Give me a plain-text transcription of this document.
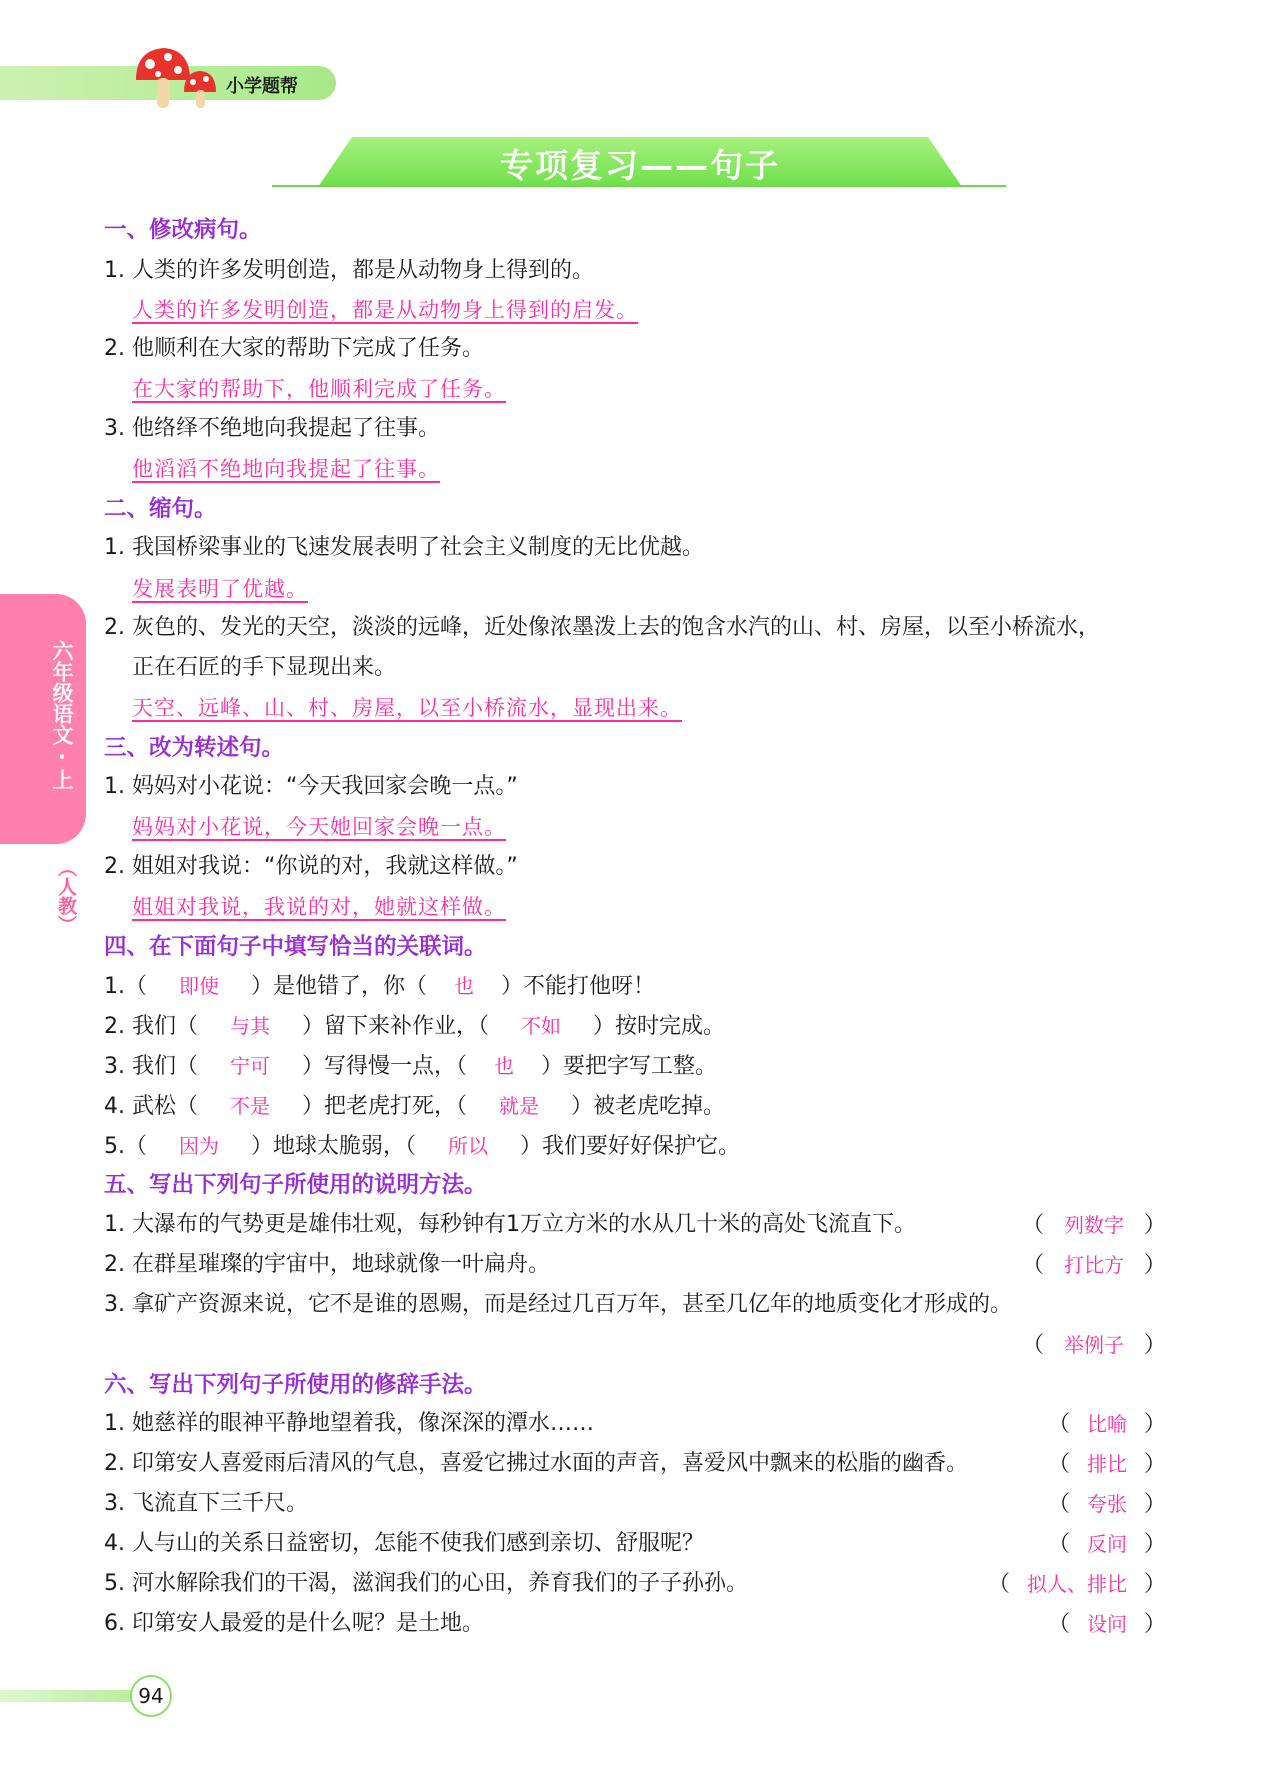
小学题帮
专项复习——句子
六年级语文·上
（人教）
一、修改病句。
1. 人类的许多发明创造，都是从动物身上得到的。
人类的许多发明创造，都是从动物身上得到的启发。
2. 他顺利在大家的帮助下完成了任务。
在大家的帮助下，他顺利完成了任务。
3. 他络绎不绝地向我提起了往事。
他滔滔不绝地向我提起了往事。
二、缩句。
1. 我国桥梁事业的飞速发展表明了社会主义制度的无比优越。
发展表明了优越。
2. 灰色的、发光的天空，淡淡的远峰，近处像浓墨泼上去的饱含水汽的山、村、房屋，以至小桥流水，
正在石匠的手下显现出来。
天空、远峰、山、村、房屋，以至小桥流水，显现出来。
三、改为转述句。
1. 妈妈对小花说：“今天我回家会晚一点。”
妈妈对小花说，今天她回家会晚一点。
2. 姐姐对我说：“你说的对，我就这样做。”
姐姐对我说，我说的对，她就这样做。
四、在下面句子中填写恰当的关联词。
1.（ 即使 ）是他错了，你（ 也 ）不能打他呀！
2. 我们（ 与其 ）留下来补作业，（ 不如 ）按时完成。
3. 我们（ 宁可 ）写得慢一点，（ 也 ）要把字写工整。
4. 武松（ 不是 ）把老虎打死，（ 就是 ）被老虎吃掉。
5.（ 因为 ）地球太脆弱，（ 所以 ）我们要好好保护它。
五、写出下列句子所使用的说明方法。
1. 大瀑布的气势更是雄伟壮观，每秒钟有1万立方米的水从几十米的高处飞流直下。	（ 列数字 ）
2. 在群星璀璨的宇宙中，地球就像一叶扁舟。	（ 打比方 ）
3. 拿矿产资源来说，它不是谁的恩赐，而是经过几百万年，甚至几亿年的地质变化才形成的。
（ 举例子 ）
六、写出下列句子所使用的修辞手法。
1. 她慈祥的眼神平静地望着我，像深深的潭水……	（ 比喻 ）
2. 印第安人喜爱雨后清风的气息，喜爱它拂过水面的声音，喜爱风中飘来的松脂的幽香。	（ 排比 ）
3. 飞流直下三千尺。	（ 夸张 ）
4. 人与山的关系日益密切，怎能不使我们感到亲切、舒服呢？	（ 反问 ）
5. 河水解除我们的干渴，滋润我们的心田，养育我们的子子孙孙。	（ 拟人、排比 ）
6. 印第安人最爱的是什么呢？是土地。	（ 设问 ）
94
